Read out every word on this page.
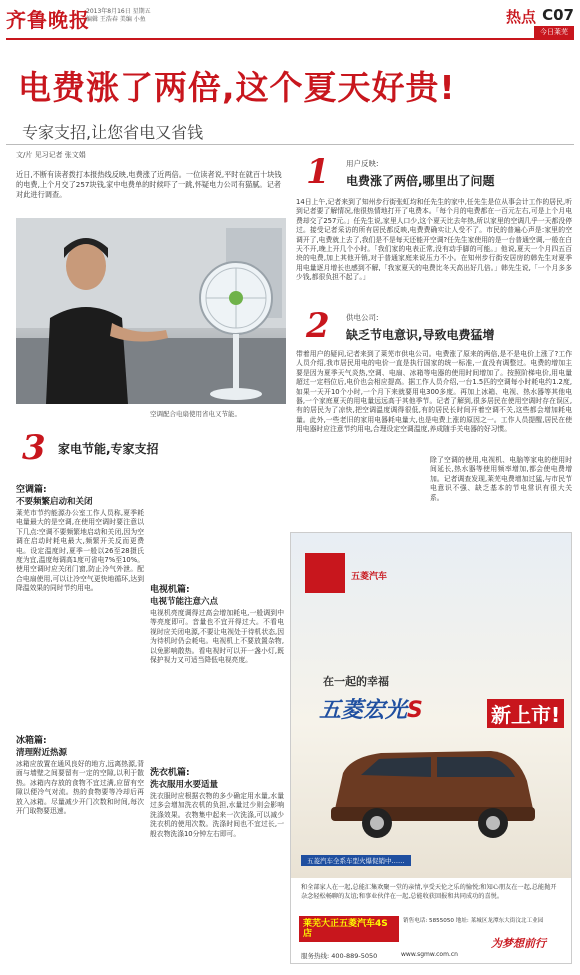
齐鲁晚报
2013年8月16日 星期五
编辑 王浩春 美编 小鱼	热点 C07
今日莱芜
电费涨了两倍,这个夏天好贵!
专家支招,让您省电又省钱
文/片 见习记者 张文娟
近日,不断有读者拨打本报热线反映,电费涨了近两倍。一位读者说,平时在就百十块钱的电费,上个月交了257块钱,家中电费单的时候吓了一跳,怀疑电力公司有猫腻。记者对此进行调查。
空调配合电扇使用省电又节能。
1 用户反映:
电费涨了两倍,哪里出了问题
14日上午,记者来到了知州步行街张虹均和任先生的家中,任先生是位从事会计工作的居民,听到记者要了解情况,他很热情地打开了电费本。「每个月的电费都在一百元左右,可是上个月电费却交了257元。」任先生说,家里人口少,这个夏天比去年热,所以家里的空调几乎一天都没停过。接受记者采访的所有居民都反映,电费费确实让人受不了。市民的普遍心声是:家里的空调开了,电费就上去了,我们是不是每天还能开空调?任先生家使用的是一台普通空调,一般在白天不开,晚上开几个小时。「我们家的电表正常,没有动手脚的可能。」他说,夏天一个月四五百块的电费,加上其他开销,对于普通家庭来说压力不小。在知州步行街安居房的韩先生对夏季用电量逐月增长也感到不解,「我家夏天的电费比冬天高出好几倍。」韩先生说,「一个月多多少钱,都很负担不起了。」
2 供电公司:
缺乏节电意识,导致电费猛增
带着用户的疑问,记者来到了莱芜市供电公司。电费涨了原来的两倍,是不是电价上涨了?工作人员介绍,我市居民用电的电价一直是执行国家的统一标准,一直没有调整过。电费的增加主要是因为夏季天气炎热,空调、电扇、冰箱等电器的使用时间增加了。按照阶梯电价,用电量超过一定档位后,电价也会相应提高。据工作人员介绍,一台1.5匹的空调每小时耗电约1.2度,如果一天开10个小时,一个月下来就要用电300多度。再加上冰箱、电视、热水器等其他电器,一个家庭夏天的用电量远远高于其他季节。记者了解到,很多居民在使用空调时存在误区,有的居民为了凉快,把空调温度调得很低,有的居民长时间开着空调不关,这些都会增加耗电量。此外,一些老旧的家用电器耗电量大,也是电费上涨的原因之一。工作人员提醒,居民在使用电器时应注意节约用电,合理设定空调温度,养成随手关电器的好习惯。
除了空调的使用,电视机、电脑等家电的使用时间延长,热水器等使用频率增加,都会使电费增加。记者调查发现,莱芜电费增加过猛,与市民节电意识不强、缺乏基本的节电常识有很大关系。
3 家电节能,专家支招
空调篇:
不要频繁启动和关闭
莱芜市节约能源办公室工作人员称,夏季耗电量最大的是空调,在使用空调时要注意以下几点:空调不要频繁地启动和关闭,因为空调在启动时耗电最大,频繁开关反而更费电。设定温度时,夏季一般以26至28摄氏度为宜,温度每调高1度可省电7%至10%。使用空调时应关闭门窗,防止冷气外泄。配合电扇使用,可以让冷空气更快地循环,达到降温效果的同时节约用电。
冰箱篇:
清理附近热源
冰箱应放置在通风良好的地方,远离热源,背面与墙壁之间要留有一定的空隙,以利于散热。冰箱内存放的食物不宜过满,应留有空隙以便冷气对流。热的食物要等冷却后再放入冰箱。尽量减少开门次数和时间,每次开门取物要迅速。
电视机篇:
电视节能注意六点
电视机亮度调得过高会增加耗电,一般调到中等亮度即可。音量也不宜开得过大。不看电视时应关闭电源,不要让电视处于待机状态,因为待机时仍会耗电。电视机上不要放置杂物,以免影响散热。看电视时可以开一盏小灯,既保护视力又可适当降低电视亮度。
洗衣机篇:
洗衣服用水要适量
洗衣服时应根据衣物的多少确定用水量,水量过多会增加洗衣机的负担,水量过少则会影响洗涤效果。衣物集中起来一次洗涤,可以减少洗衣机的使用次数。洗涤时间也不宜过长,一般衣物洗涤10分钟左右即可。
五菱汽车
在一起的幸福
五菱宏光S	新上市!
五菱汽车全系车型火爆促销中……
和全部家人在一起,总能汇集欢聚一堂的亲情,享受天伦之乐的愉悦;和知心朋友在一起,总能抛开杂念轻松畅聊的友谊;和事业伙伴在一起,总能收获回报和共同成功的喜悦。
莱芜大正五菱汽车4S店
销售电话: 5855050 地址: 莱城区龙潭东大街汶北工业园
服务热线: 400-889-5050	www.sgmw.com.cn
为梦想前行
